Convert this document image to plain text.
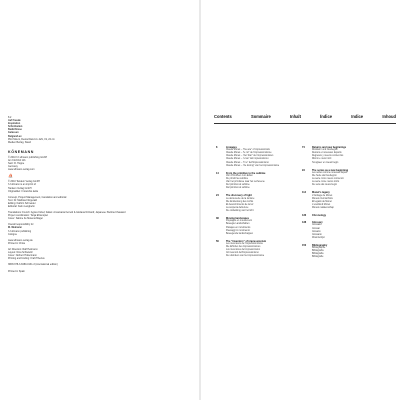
8.2
Auf Freude
Inspiration
Schönheiten
Bedürfnisse
Gelassen
Belgien/Lux
Pilot Mount, Deutschland zu Jahr, 19, 22 cm
Medien Berlag, Stand
KÖNEMANN
© 2010 h.f.ullmann publishing GmbH
Am Kirchhof 11b
Satz: R. Hoppe
Germany
www.ullmann-verlag.com
⛵
© 2010 Tandem Verlag GmbH
h.f.ullmann is an imprint of
Tandem Verlag GmbH
Originaltitel: Il ricambio della
Concept, Project Management, translation and editorial
Text: Dr. Mathias Fitzgerald
Editing: Kathrin Schneider
Editorial: Karin Langbehn
Translations: French: Agnès Kobel; Italian: Annamaria Ferretti & Giuliana Nizzardi; Japanese: Bettina Chassard
Project coordination: Tanja Ehlenspiel
Cover: Sabine Fe Mutenschläger
Overall responsibility for
M. Weimann
h.f.ullmann publishing
Cologne
www.ullmann-verlag.de
Printed in China
Art Direction: Ralf Heitmann
Layout: Nina Schleiwitz
Cover: Norbert Hüttermann
Printing and binding: Kraft Tiberius
ISBN 978-3-8480-0131-3 (international edition)
Printed in Spain
Contents	Sommaire	Inhalt	Índice	Indice	Inhoud
8	Lineages
Claude Monet – "the ace" of impressionists
Claude Monet – "le roi" de l'impressionnisme
Claude Monet – "der Star" der Impressionisten
Claude Monet – "el as" del impresionismo
Claude Monet – "il re" dell'impressionismo
Claude Monet – "de koning" van het impressionisme
14	From the primitive to the sublime
Vom Primitiven zum Edlen
Du primitif au sublime
Van het primitieve naar het verhevene
Del primitivo al sublime
Dal primitivo al sublime
24	The discovery of light
La découverte de la lumière
Die Entdeckung des Lichts
El descubrimiento de la luz
La scoperta della luce
De ontdekking van het licht
38	Moving landscapes
Paysages en mouvement
Bewegte Landschaften
Paisajes en movimiento
Paesaggi in movimento
Bewegende landschappen
56	The "inventors" of impressionism
Les inventeurs de l'impressionnisme
Die Erfinder des Impressionismus
Los inventores del impresionismo
Gli inventori dell'impressionismo
De uitvinders van het impressionisme
74	Returns and new beginnings
Rückkehr und Neubeginn
Retours et nouveaux départs
Regresos y nuevos comienzos
Ritorni e nuovi inizi
Terugkeer en nieuw begin
94	The series as a new beginning
Les séries comme nouveau départ
Die Serie als Neubeginn
La serie como nuevo comienzo
La serie come nuovo inizio
De serie als nieuw begin
114	Monet's legacy
L'héritage de Monet
Monets Vermächtnis
El legado de Monet
L'eredità di Monet
Monets nalatenschap
136	Chronology
138	Glossary
Glossaire
Glossar
Glosario
Glossario
Woordenlijst
150	Bibliography
Bibliographie
Bibliografía
Bibliografia
Bibliografie
